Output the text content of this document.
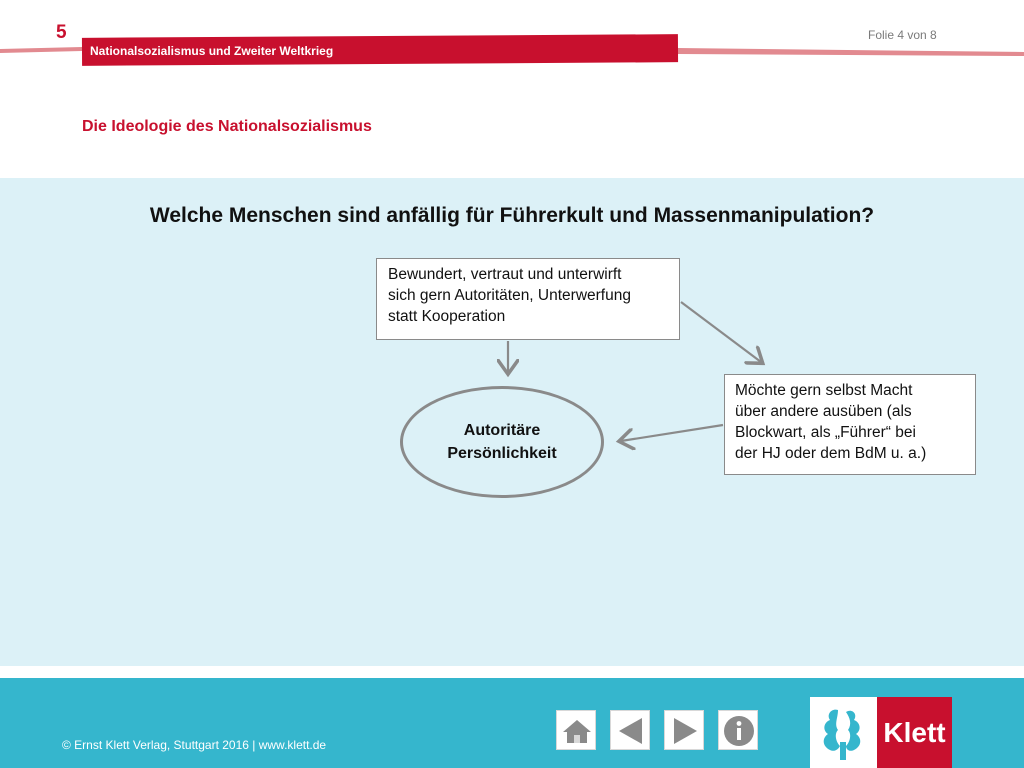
5	Folie 4 von 8
Nationalsozialismus und Zweiter Weltkrieg
Die Ideologie des Nationalsozialismus
Welche Menschen sind anfällig für Führerkult und Massenmanipulation?
Bewundert, vertraut und unterwirft
sich gern Autoritäten, Unterwerfung
statt Kooperation
Autoritäre
Persönlichkeit
Möchte gern selbst Macht
über andere ausüben (als
Blockwart, als „Führer“ bei
der HJ oder dem BdM u. a.)
© Ernst Klett Verlag, Stuttgart 2016 | www.klett.de	Klett
